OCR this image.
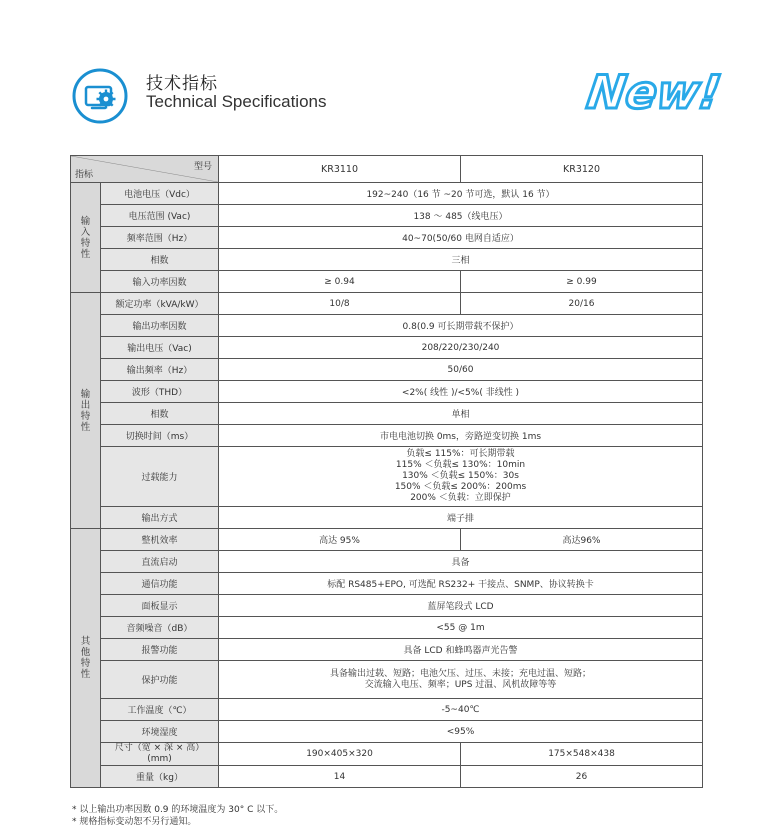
技术指标
Technical Specifications	New!
型号
指标		KR3110	KR3120
输
入
特
性	电池电压（Vdc）	192~240（16 节 ~20 节可选，默认 16 节）	
	电压范围 (Vac)	138 ～ 485（线电压）	
	频率范围（Hz）	40~70(50/60 电网自适应）	
	相数	三相	
	输入功率因数	≥ 0.94	≥ 0.99
输
出
特
性	额定功率（kVA/kW）	10/8	20/16
	输出功率因数	0.8(0.9 可长期带载不保护）	
	输出电压（Vac)	208/220/230/240	
	输出频率（Hz）	50/60	
	波形（THD）	<2%( 线性 )/<5%( 非线性 )	
	相数	单相	
	切换时间（ms）	市电电池切换 0ms，旁路逆变切换 1ms	
	过载能力	负载≤ 115%：可长期带载
115% ＜负载≤ 130%：10min
130% ＜负载≤ 150%：30s
150% ＜负载≤ 200%：200ms
200% ＜负载：立即保护	

	输出方式	端子排	
其
他
特
性	整机效率	高达 95%	高达96%
	直流启动	具备	
	通信功能	标配 RS485+EPO, 可选配 RS232+ 干接点、SNMP、协议转换卡	
	面板显示	蓝屏笔段式 LCD	
	音频噪音（dB）	<55 @ 1m	
	报警功能	具备 LCD 和蜂鸣器声光告警	
	保护功能	具备输出过载、短路；电池欠压、过压、未接；充电过温、短路；
交流输入电压、频率；UPS 过温、风机故障等等	

	工作温度（℃）	-5~40℃	
	环境湿度	<95%	

	尺寸（宽 × 深 × 高）
(mm)	190×405×320	175×548×438
	重量（kg）	14	26
* 以上输出功率因数 0.9 的环境温度为 30° C 以下。
* 规格指标变动恕不另行通知。
